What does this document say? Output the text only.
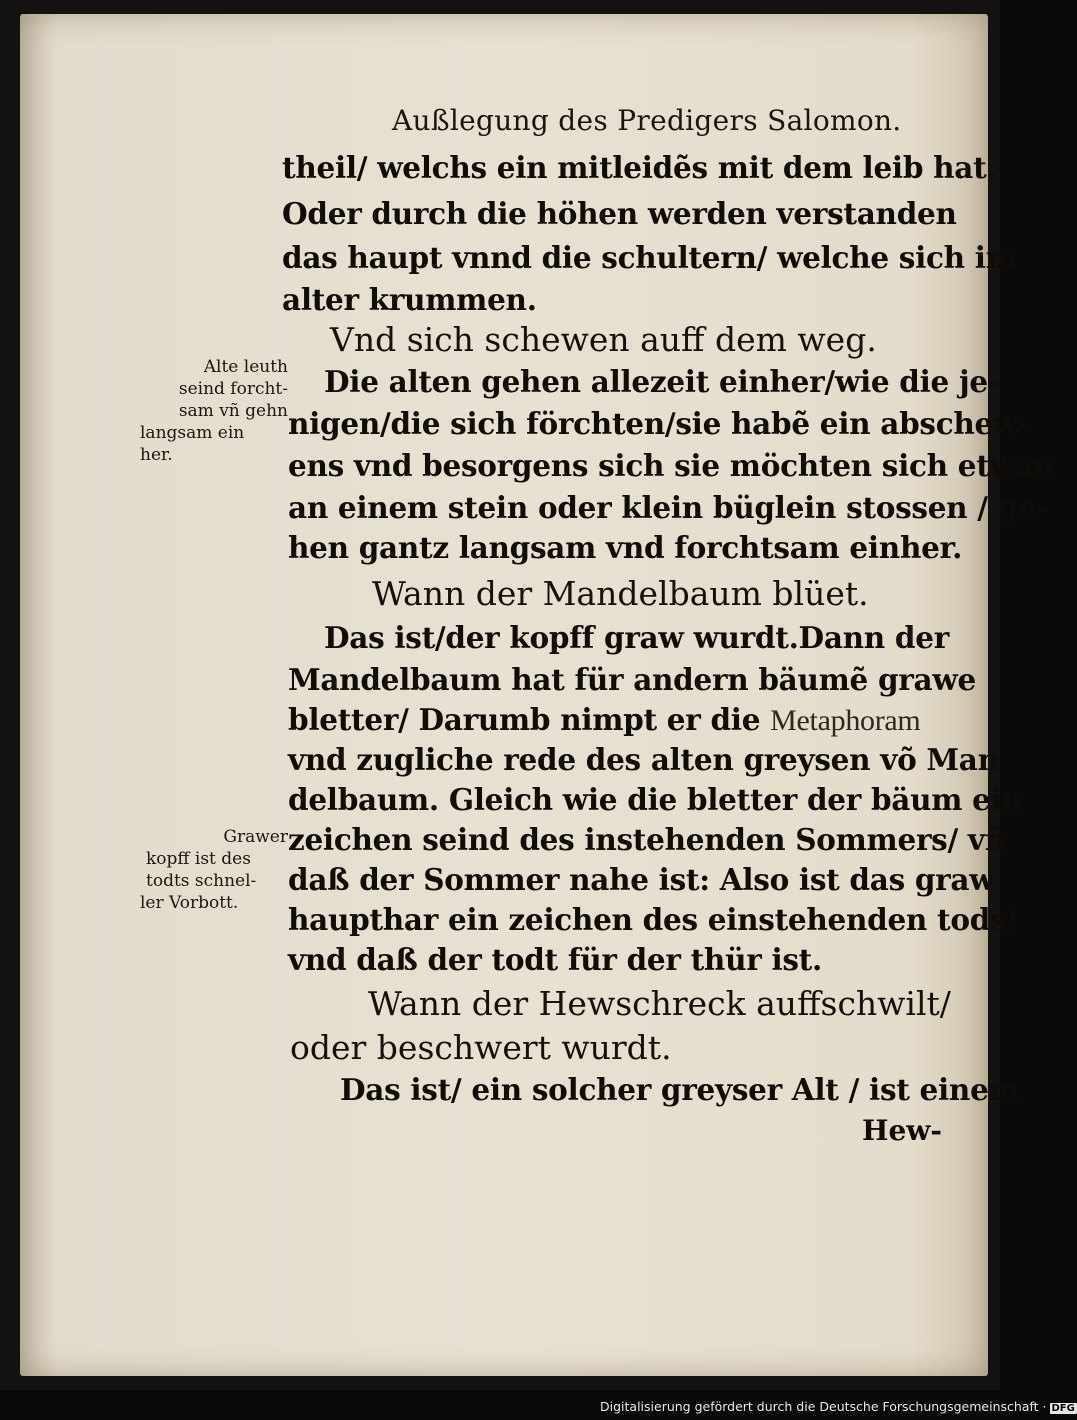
Außlegung des Predigers Salomon.
theil/ welchs ein mitleidẽs mit dem leib hat.
Oder durch die höhen werden verstanden
das haupt vnnd die schultern/ welche sich im
alter krummen.
Vnd sich schewen auff dem weg.
Alte leuth
seind forcht-
sam vñ gehn
langsam ein
her.
Die alten gehen allezeit einher/wie die je-
nigen/die sich förchten/sie habẽ ein abschew-
ens vnd besorgens sich sie möchten sich etwan
an einem stein oder klein büglein stossen / ge-
hen gantz langsam vnd forchtsam einher.
Wann der Mandelbaum blüet.
Das ist/der kopff graw wurdt.Dann der
Mandelbaum hat für andern bäumẽ grawe
bletter/ Darumb nimpt er die Metaphoram
vnd zugliche rede des alten greysen võ Man
delbaum. Gleich wie die bletter der bäum ein
zeichen seind des instehenden Sommers/ vñ
daß der Sommer nahe ist: Also ist das graw
haupthar ein zeichen des einstehenden tods/
vnd daß der todt für der thür ist.
Grawer
kopff ist des
todts schnel-
ler Vorbott.
Wann der Hewschreck auffschwilt/
oder beschwert wurdt.
Das ist/ ein solcher greyser Alt / ist einem
Hew-
Digitalisierung gefördert durch die Deutsche Forschungsgemeinschaft · DFG
